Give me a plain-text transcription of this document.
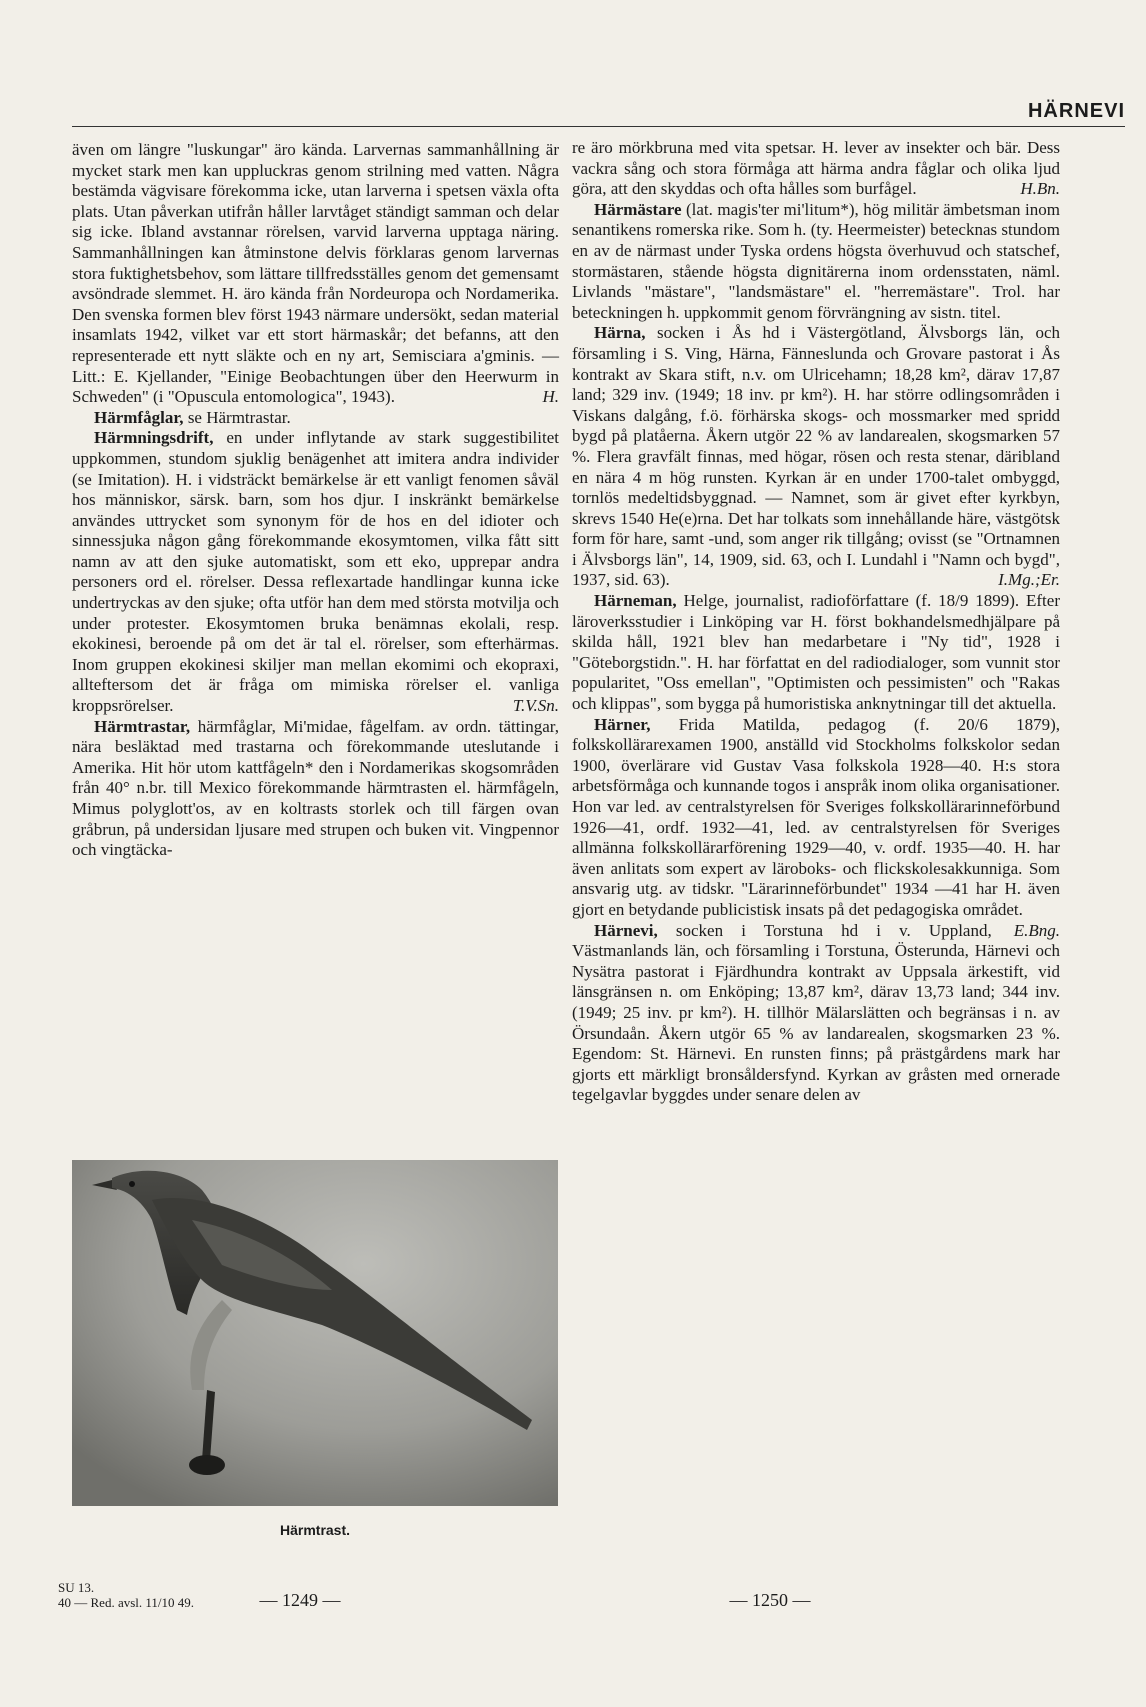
HÄRNEVI

även om längre "luskungar" äro kända. Larvernas sammanhållning är mycket stark men kan uppluckras genom strilning med vatten. Några bestämda vägvisare förekomma icke, utan larverna i spetsen växla ofta plats. Utan påverkan utifrån håller larvtåget ständigt samman och delar sig icke. Ibland avstannar rörelsen, varvid larverna upptaga näring. Sammanhållningen kan åtminstone delvis förklaras genom larvernas stora fuktighetsbehov, som lättare tillfredsställes genom det gemensamt avsöndrade slemmet. H. äro kända från Nordeuropa och Nordamerika. Den svenska formen blev först 1943 närmare undersökt, sedan material insamlats 1942, vilket var ett stort härmaskår; det befanns, att den representerade ett nytt släkte och en ny art, Semisciara a'gminis. — Litt.: E. Kjellander, "Einige Beobachtungen über den Heerwurm in Schweden" (i "Opuscula entomologica", 1943).	H.

Härmfåglar, se Härmtrastar.

Härmningsdrift, en under inflytande av stark suggestibilitet uppkommen, stundom sjuklig benägenhet att imitera andra individer (se Imitation). H. i vidsträckt bemärkelse är ett vanligt fenomen såväl hos människor, särsk. barn, som hos djur. I inskränkt bemärkelse användes uttrycket som synonym för de hos en del idioter och sinnessjuka någon gång förekommande ekosymtomen, vilka fått sitt namn av att den sjuke automatiskt, som ett eko, upprepar andra personers ord el. rörelser. Dessa reflexartade handlingar kunna icke undertryckas av den sjuke; ofta utför han dem med största motvilja och under protester. Ekosymtomen bruka benämnas ekolali, resp. ekokinesi, beroende på om det är tal el. rörelser, som efterhärmas. Inom gruppen ekokinesi skiljer man mellan ekomimi och ekopraxi, allteftersom det är fråga om mimiska rörelser el. vanliga kroppsrörelser.	T.V.Sn.

Härmtrastar, härmfåglar, Mi'midae, fågelfam. av ordn. tättingar, nära besläktad med trastarna och förekommande uteslutande i Amerika. Hit hör utom kattfågeln* den i Nordamerikas skogsområden från 40° n.br. till Mexico förekommande härmtrasten el. härmfågeln, Mimus polyglott'os, av en koltrasts storlek och till färgen ovan gråbrun, på undersidan ljusare med strupen och buken vit. Vingpennor och vingtäcka-

Härmtrast.

re äro mörkbruna med vita spetsar. H. lever av insekter och bär. Dess vackra sång och stora förmåga att härma andra fåglar och olika ljud göra, att den skyddas och ofta hålles som burfågel.	H.Bn.

Härmästare (lat. magis'ter mi'litum*), hög militär ämbetsman inom senantikens romerska rike. Som h. (ty. Heermeister) betecknas stundom en av de närmast under Tyska ordens högsta överhuvud och statschef, stormästaren, stående högsta dignitärerna inom ordensstaten, näml. Livlands "mästare", "landsmästare" el. "herremästare". Trol. har beteckningen h. uppkommit genom förvrängning av sistn. titel.

Härna, socken i Ås hd i Västergötland, Älvsborgs län, och församling i S. Ving, Härna, Fänneslunda och Grovare pastorat i Ås kontrakt av Skara stift, n.v. om Ulricehamn; 18,28 km², därav 17,87 land; 329 inv. (1949; 18 inv. pr km²). H. har större odlingsområden i Viskans dalgång, f.ö. förhärska skogs- och mossmarker med spridd bygd på platåerna. Åkern utgör 22 % av landarealen, skogsmarken 57 %. Flera gravfält finnas, med högar, rösen och resta stenar, däribland en nära 4 m hög runsten. Kyrkan är en under 1700-talet ombyggd, tornlös medeltidsbyggnad. — Namnet, som är givet efter kyrkbyn, skrevs 1540 He(e)rna. Det har tolkats som innehållande häre, västgötsk form för hare, samt -und, som anger rik tillgång; ovisst (se "Ortnamnen i Älvsborgs län", 14, 1909, sid. 63, och I. Lundahl i "Namn och bygd", 1937, sid. 63).	I.Mg.;Er.

Härneman, Helge, journalist, radioförfattare (f. 18/9 1899). Efter läroverksstudier i Linköping var H. först bokhandelsmedhjälpare på skilda håll, 1921 blev han medarbetare i "Ny tid", 1928 i "Göteborgstidn.". H. har författat en del radiodialoger, som vunnit stor popularitet, "Oss emellan", "Optimisten och pessimisten" och "Rakas och klippas", som bygga på humoristiska anknytningar till det aktuella.

Härner, Frida Matilda, pedagog (f. 20/6 1879), folkskollärarexamen 1900, anställd vid Stockholms folkskolor sedan 1900, överlärare vid Gustav Vasa folkskola 1928—40. H:s stora arbetsförmåga och kunnande togos i anspråk inom olika organisationer. Hon var led. av centralstyrelsen för Sveriges folkskollärarinneförbund 1926—41, ordf. 1932—41, led. av centralstyrelsen för Sveriges allmänna folkskollärarförening 1929—40, v. ordf. 1935—40. H. har även anlitats som expert av läroboks- och flickskolesakkunniga. Som ansvarig utg. av tidskr. "Lärarinneförbundet" 1934 —41 har H. även gjort en betydande publicistisk insats på det pedagogiska området.
E.Bng.

Härnevi, socken i Torstuna hd i v. Uppland, Västmanlands län, och församling i Torstuna, Österunda, Härnevi och Nysätra pastorat i Fjärdhundra kontrakt av Uppsala ärkestift, vid länsgränsen n. om Enköping; 13,87 km², därav 13,73 land; 344 inv. (1949; 25 inv. pr km²). H. tillhör Mälarslätten och begränsas i n. av Örsundaån. Åkern utgör 65 % av landarealen, skogsmarken 23 %. Egendom: St. Härnevi. En runsten finns; på prästgårdens mark har gjorts ett märkligt bronsåldersfynd. Kyrkan av gråsten med ornerade tegelgavlar byggdes under senare delen av

SU 13.
40 — Red. avsl. 11/10 49.	— 1249 —	— 1250 —
